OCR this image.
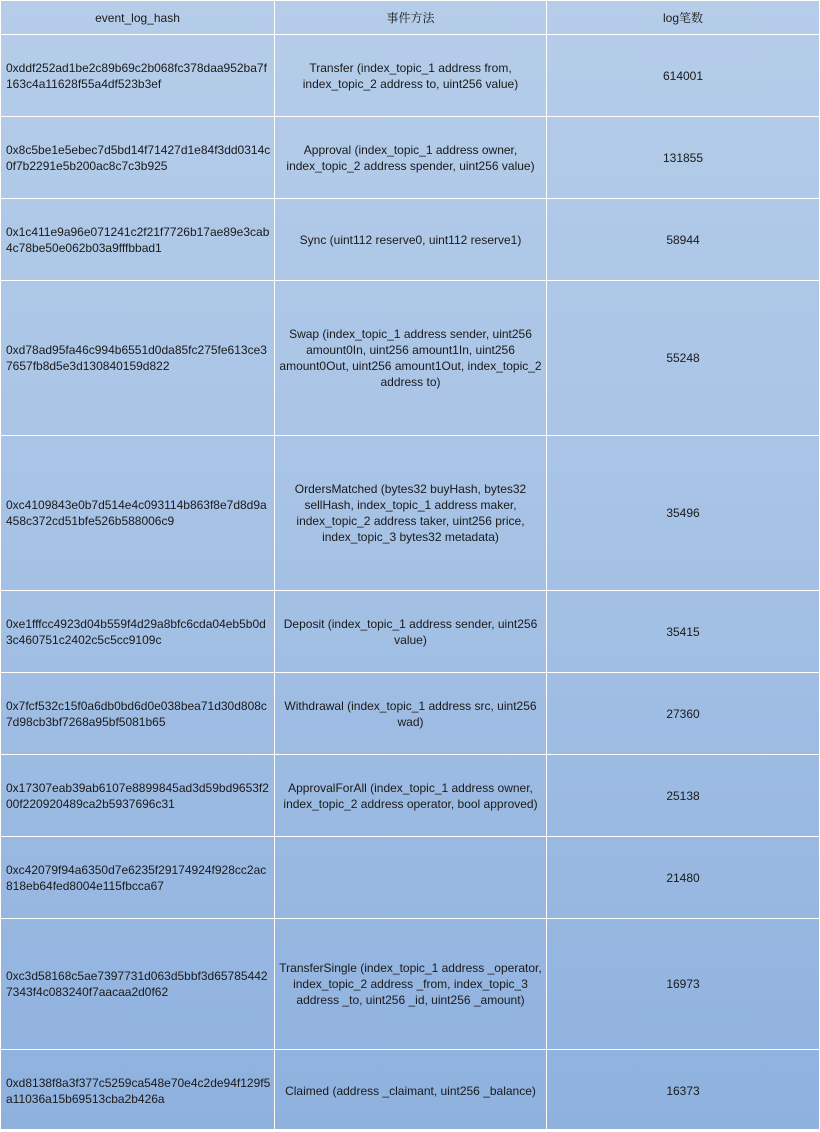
event_log_hash	事件方法	log笔数
0xddf252ad1be2c89b69c2b068fc378daa952ba7f163c4a11628f55a4df523b3ef	Transfer (index_topic_1 address from, index_topic_2 address to, uint256 value)	614001
0x8c5be1e5ebec7d5bd14f71427d1e84f3dd0314c0f7b2291e5b200ac8c7c3b925	Approval (index_topic_1 address owner, index_topic_2 address spender, uint256 value)	131855
0x1c411e9a96e071241c2f21f7726b17ae89e3cab4c78be50e062b03a9fffbbad1	Sync (uint112 reserve0, uint112 reserve1)	58944
0xd78ad95fa46c994b6551d0da85fc275fe613ce37657fb8d5e3d130840159d822	Swap (index_topic_1 address sender, uint256 amount0In, uint256 amount1In, uint256 amount0Out, uint256 amount1Out, index_topic_2 address to)	55248
0xc4109843e0b7d514e4c093114b863f8e7d8d9a458c372cd51bfe526b588006c9	OrdersMatched (bytes32 buyHash, bytes32 sellHash, index_topic_1 address maker, index_topic_2 address taker, uint256 price, index_topic_3 bytes32 metadata)	35496
0xe1fffcc4923d04b559f4d29a8bfc6cda04eb5b0d3c460751c2402c5c5cc9109c	Deposit (index_topic_1 address sender, uint256 value)	35415
0x7fcf532c15f0a6db0bd6d0e038bea71d30d808c7d98cb3bf7268a95bf5081b65	Withdrawal (index_topic_1 address src, uint256 wad)	27360
0x17307eab39ab6107e8899845ad3d59bd9653f200f220920489ca2b5937696c31	ApprovalForAll (index_topic_1 address owner, index_topic_2 address operator, bool approved)	25138
0xc42079f94a6350d7e6235f29174924f928cc2ac818eb64fed8004e115fbcca67		21480
0xc3d58168c5ae7397731d063d5bbf3d657854427343f4c083240f7aacaa2d0f62	TransferSingle (index_topic_1 address _operator, index_topic_2 address _from, index_topic_3 address _to, uint256 _id, uint256 _amount)	16973
0xd8138f8a3f377c5259ca548e70e4c2de94f129f5a11036a15b69513cba2b426a	Claimed (address _claimant, uint256 _balance)	16373
